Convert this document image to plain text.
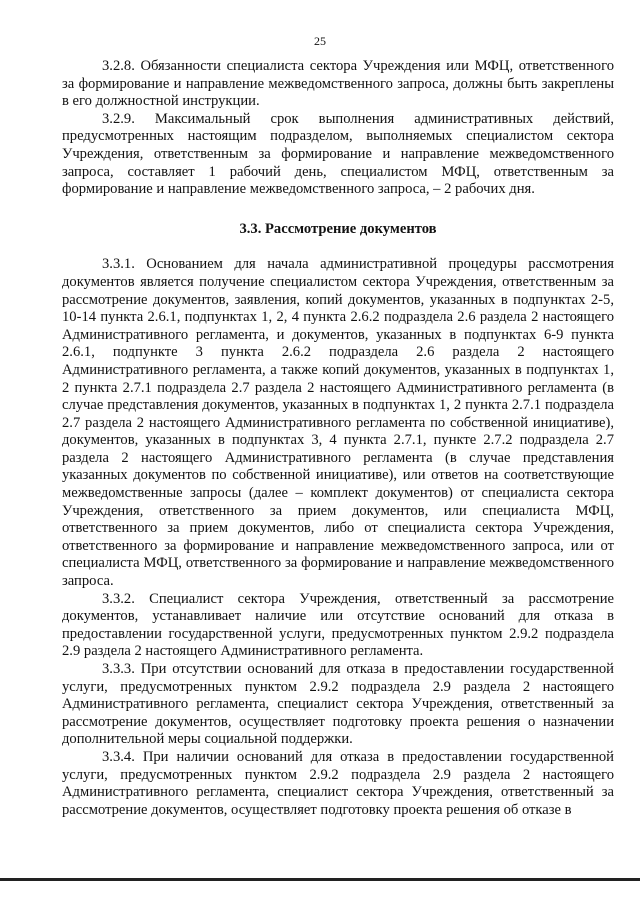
25

3.2.8. Обязанности специалиста сектора Учреждения или МФЦ, ответственного за формирование и направление межведомственного запроса, должны быть закреплены в его должностной инструкции.

3.2.9. Максимальный срок выполнения административных действий, предусмотренных настоящим подразделом, выполняемых специалистом сектора Учреждения, ответственным за формирование и направление межведомственного запроса, составляет 1 рабочий день, специалистом МФЦ, ответственным за формирование и направление межведомственного запроса, – 2 рабочих дня.

3.3. Рассмотрение документов

3.3.1. Основанием для начала административной процедуры рассмотрения документов является получение специалистом сектора Учреждения, ответственным за рассмотрение документов, заявления, копий документов, указанных в подпунктах 2-5, 10-14 пункта 2.6.1, подпунктах 1, 2, 4 пункта 2.6.2 подраздела 2.6 раздела 2 настоящего Административного регламента, и документов, указанных в подпунктах 6-9 пункта 2.6.1, подпункте 3 пункта 2.6.2 подраздела 2.6 раздела 2 настоящего Административного регламента, а также копий документов, указанных в подпунктах 1, 2 пункта 2.7.1 подраздела 2.7 раздела 2 настоящего Административного регламента (в случае представления документов, указанных в подпунктах 1, 2 пункта 2.7.1 подраздела 2.7 раздела 2 настоящего Административного регламента по собственной инициативе), документов, указанных в подпунктах 3, 4 пункта 2.7.1, пункте 2.7.2 подраздела 2.7 раздела 2 настоящего Административного регламента (в случае представления указанных документов по собственной инициативе), или ответов на соответствующие межведомственные запросы (далее – комплект документов) от специалиста сектора Учреждения, ответственного за прием документов, или специалиста МФЦ, ответственного за прием документов, либо от специалиста сектора Учреждения, ответственного за формирование и направление межведомственного запроса, или от специалиста МФЦ, ответственного за формирование и направление межведомственного запроса.

3.3.2. Специалист сектора Учреждения, ответственный за рассмотрение документов, устанавливает наличие или отсутствие оснований для отказа в предоставлении государственной услуги, предусмотренных пунктом 2.9.2 подраздела 2.9 раздела 2 настоящего Административного регламента.

3.3.3. При отсутствии оснований для отказа в предоставлении государственной услуги, предусмотренных пунктом 2.9.2 подраздела 2.9 раздела 2 настоящего Административного регламента, специалист сектора Учреждения, ответственный за рассмотрение документов, осуществляет подготовку проекта решения о назначении дополнительной меры социальной поддержки.

3.3.4. При наличии оснований для отказа в предоставлении государственной услуги, предусмотренных пунктом 2.9.2 подраздела 2.9 раздела 2 настоящего Административного регламента, специалист сектора Учреждения, ответственный за рассмотрение документов, осуществляет подготовку проекта решения об отказе в
